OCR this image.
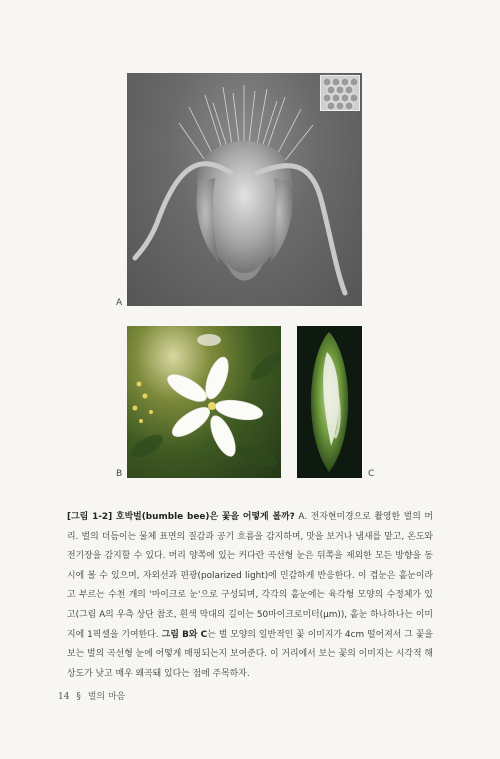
A
B	C
[그림 1-2] 호박벌(bumble bee)은 꽃을 어떻게 볼까? A. 전자현미경으로 촬영한 벌의 머리. 벌의 더듬이는 물체 표면의 질감과 공기 흐름을 감지하며, 맛을 보거나 냄새를 맡고, 온도와 전기장을 감지할 수 있다. 머리 양쪽에 있는 커다란 곡선형 눈은 뒤쪽을 제외한 모든 방향을 동시에 볼 수 있으며, 자외선과 편광(polarized light)에 민감하게 반응한다. 이 겹눈은 홑눈이라고 부르는 수천 개의 '마이크로 눈'으로 구성되며, 각각의 홑눈에는 육각형 모양의 수정체가 있고(그림 A의 우측 상단 참조, 흰색 막대의 길이는 50마이크로미터(μm)), 홑눈 하나하나는 이미지에 1픽셀을 기여한다. 그림 B와 C는 벌 모양의 일반적인 꽃 이미지가 4cm 떨어져서 그 꽃을 보는 벌의 곡선형 눈에 어떻게 매핑되는지 보여준다. 이 거리에서 보는 꽃의 이미지는 시각적 해상도가 낮고 매우 왜곡돼 있다는 점에 주목하자.
14 § 벌의 마음
